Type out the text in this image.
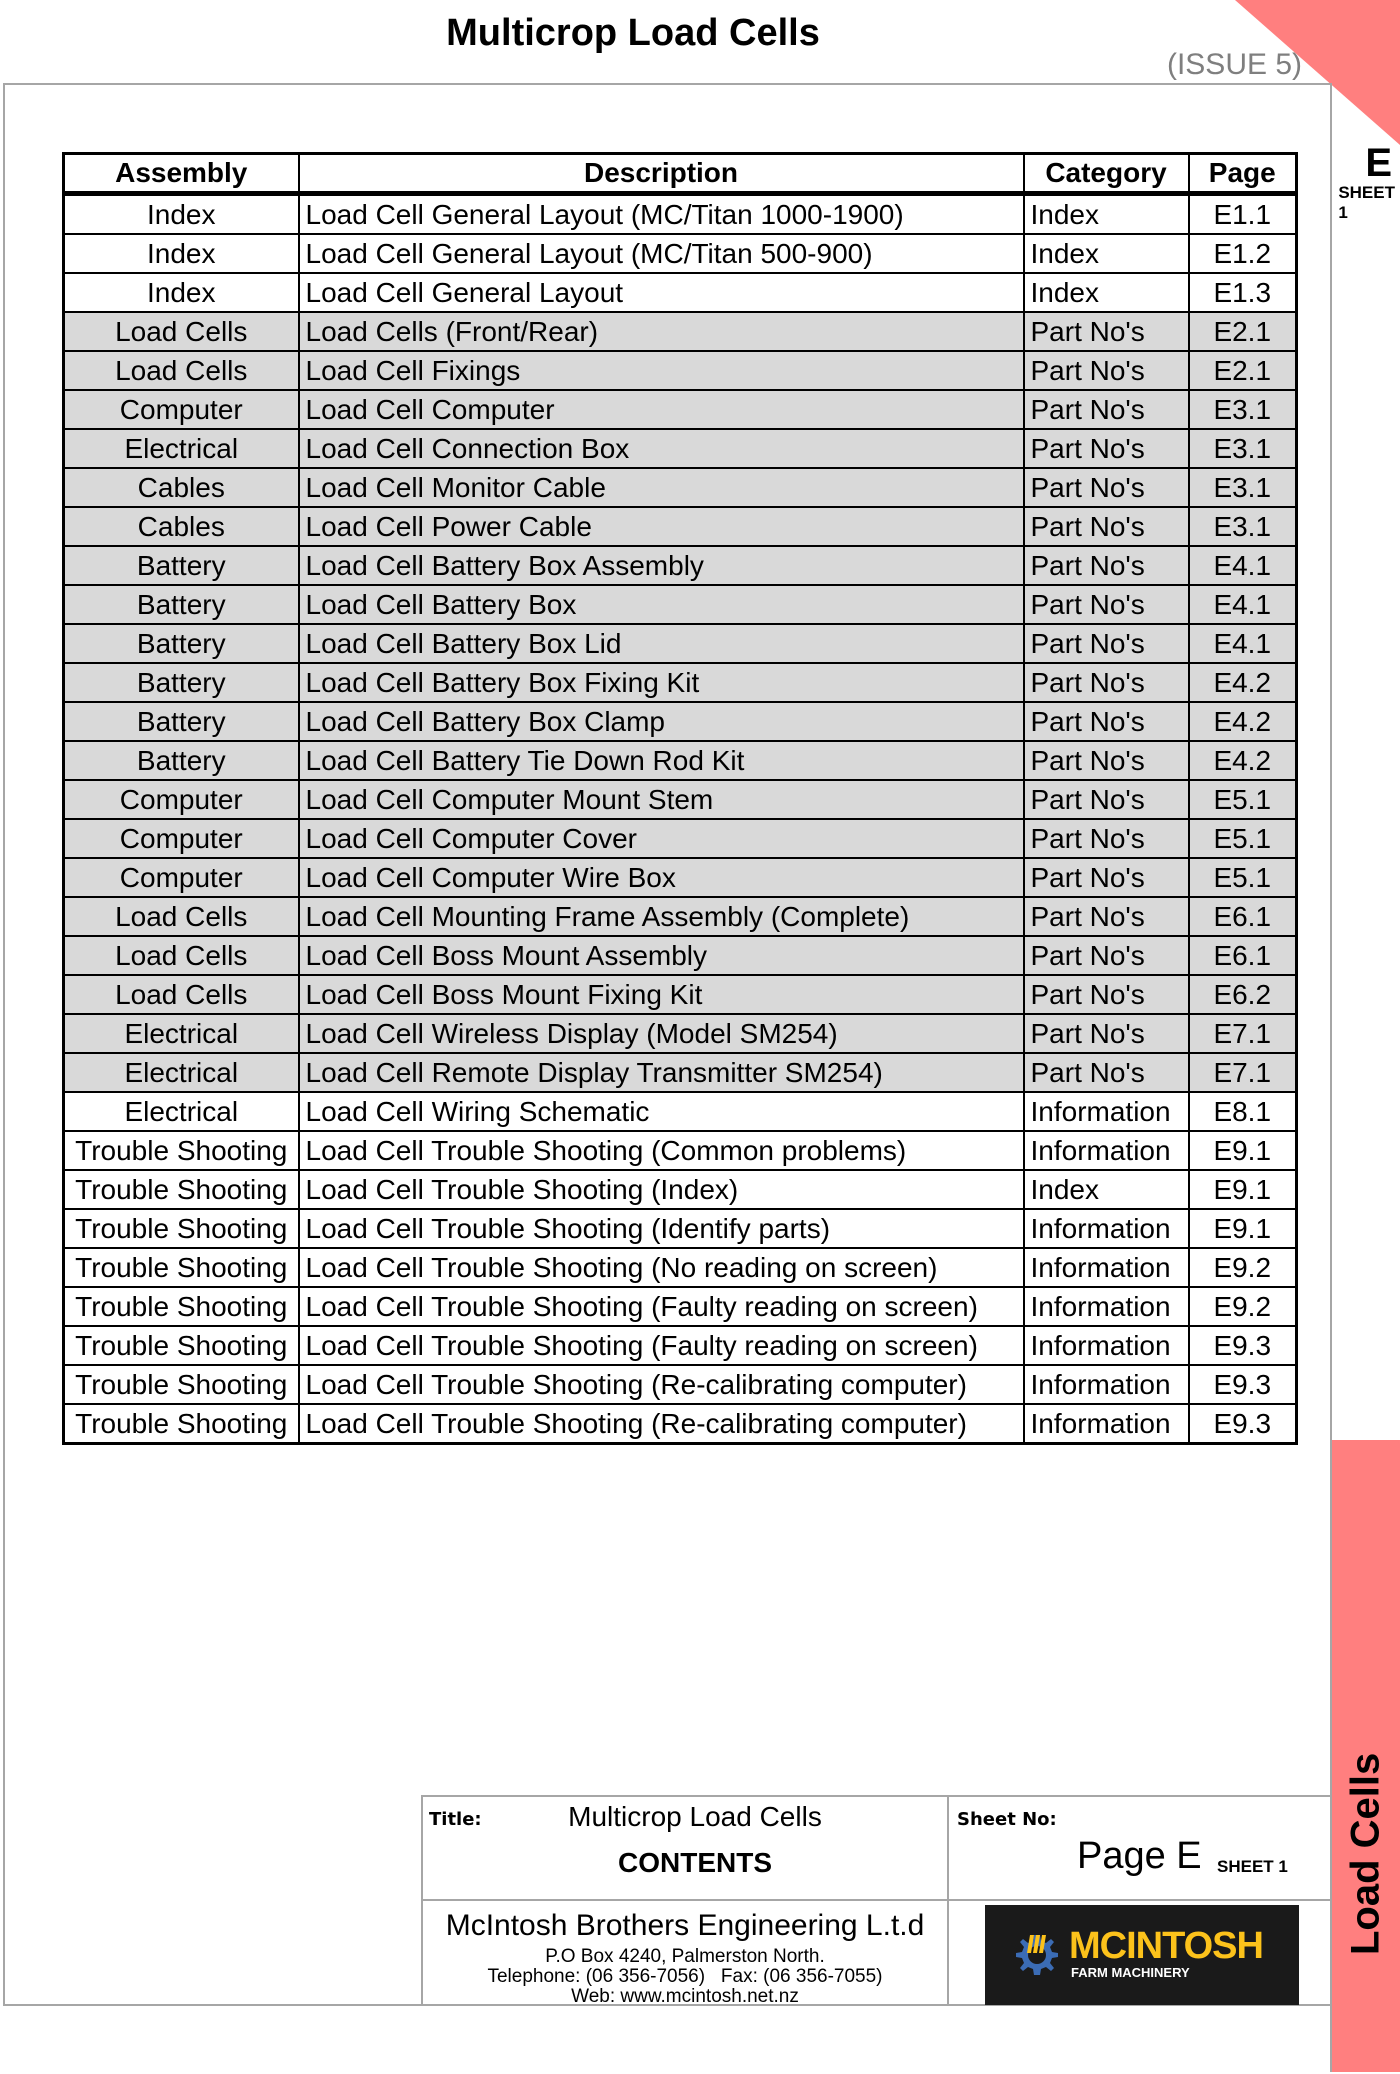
Multicrop Load Cells
(ISSUE 5)
E
SHEET 1
Assembly	Description	Category	Page
Index	Load Cell General Layout (MC/Titan 1000-1900)	Index	E1.1
Index	Load Cell General Layout (MC/Titan 500-900)	Index	E1.2
Index	Load Cell General Layout	Index	E1.3
Load Cells	Load Cells (Front/Rear)	Part No's	E2.1
Load Cells	Load Cell Fixings	Part No's	E2.1
Computer	Load Cell Computer	Part No's	E3.1
Electrical	Load Cell Connection Box	Part No's	E3.1
Cables	Load Cell Monitor Cable	Part No's	E3.1
Cables	Load Cell Power Cable	Part No's	E3.1
Battery	Load Cell Battery Box Assembly	Part No's	E4.1
Battery	Load Cell Battery Box	Part No's	E4.1
Battery	Load Cell Battery Box Lid	Part No's	E4.1
Battery	Load Cell Battery Box Fixing Kit	Part No's	E4.2
Battery	Load Cell Battery Box Clamp	Part No's	E4.2
Battery	Load Cell Battery Tie Down Rod Kit	Part No's	E4.2
Computer	Load Cell Computer Mount Stem	Part No's	E5.1
Computer	Load Cell Computer Cover	Part No's	E5.1
Computer	Load Cell Computer Wire Box	Part No's	E5.1
Load Cells	Load Cell Mounting Frame Assembly (Complete)	Part No's	E6.1
Load Cells	Load Cell Boss Mount Assembly	Part No's	E6.1
Load Cells	Load Cell Boss Mount Fixing Kit	Part No's	E6.2
Electrical	Load Cell Wireless Display (Model SM254)	Part No's	E7.1
Electrical	Load Cell Remote Display Transmitter SM254)	Part No's	E7.1
Electrical	Load Cell Wiring Schematic	Information	E8.1
Trouble Shooting	Load Cell Trouble Shooting (Common problems)	Information	E9.1
Trouble Shooting	Load Cell Trouble Shooting (Index)	Index	E9.1
Trouble Shooting	Load Cell Trouble Shooting (Identify parts)	Information	E9.1
Trouble Shooting	Load Cell Trouble Shooting (No reading on screen)	Information	E9.2
Trouble Shooting	Load Cell Trouble Shooting (Faulty reading on screen)	Information	E9.2
Trouble Shooting	Load Cell Trouble Shooting (Faulty reading on screen)	Information	E9.3
Trouble Shooting	Load Cell Trouble Shooting (Re-calibrating computer)	Information	E9.3
Trouble Shooting	Load Cell Trouble Shooting (Re-calibrating computer)	Information	E9.3
Title:	Multicrop Load Cells
CONTENTS
Sheet No:
Page E SHEET 1
McIntosh Brothers Engineering L.t.d
P.O Box 4240, Palmerston North.
Telephone: (06 356-7056)   Fax: (06 356-7055)
Web: www.mcintosh.net.nz
MCINTOSH
FARM MACHINERY
Load Cells
